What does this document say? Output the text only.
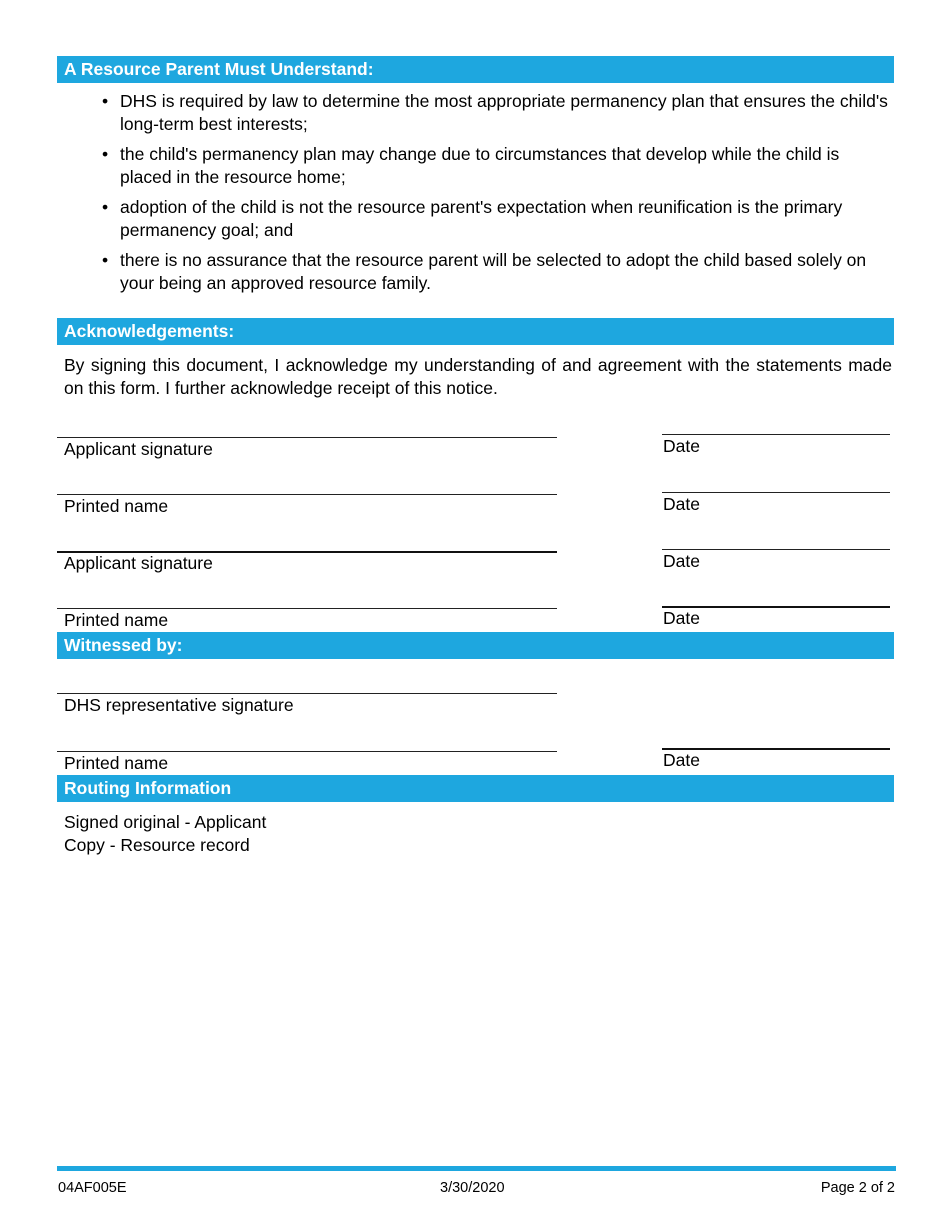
A Resource Parent Must Understand:
• DHS is required by law to determine the most appropriate permanency plan that ensures the child's long-term best interests;
• the child's permanency plan may change due to circumstances that develop while the child is placed in the resource home;
• adoption of the child is not the resource parent's expectation when reunification is the primary permanency goal; and
• there is no assurance that the resource parent will be selected to adopt the child based solely on your being an approved resource family.
Acknowledgements:
By signing this document, I acknowledge my understanding of and agreement with the statements made on this form. I further acknowledge receipt of this notice.
Applicant signature	Date
Printed name	Date
Applicant signature	Date
Printed name	Date
Witnessed by:
DHS representative signature
Printed name	Date
Routing Information
Signed original - Applicant
Copy - Resource record
04AF005E	3/30/2020	Page 2 of 2
